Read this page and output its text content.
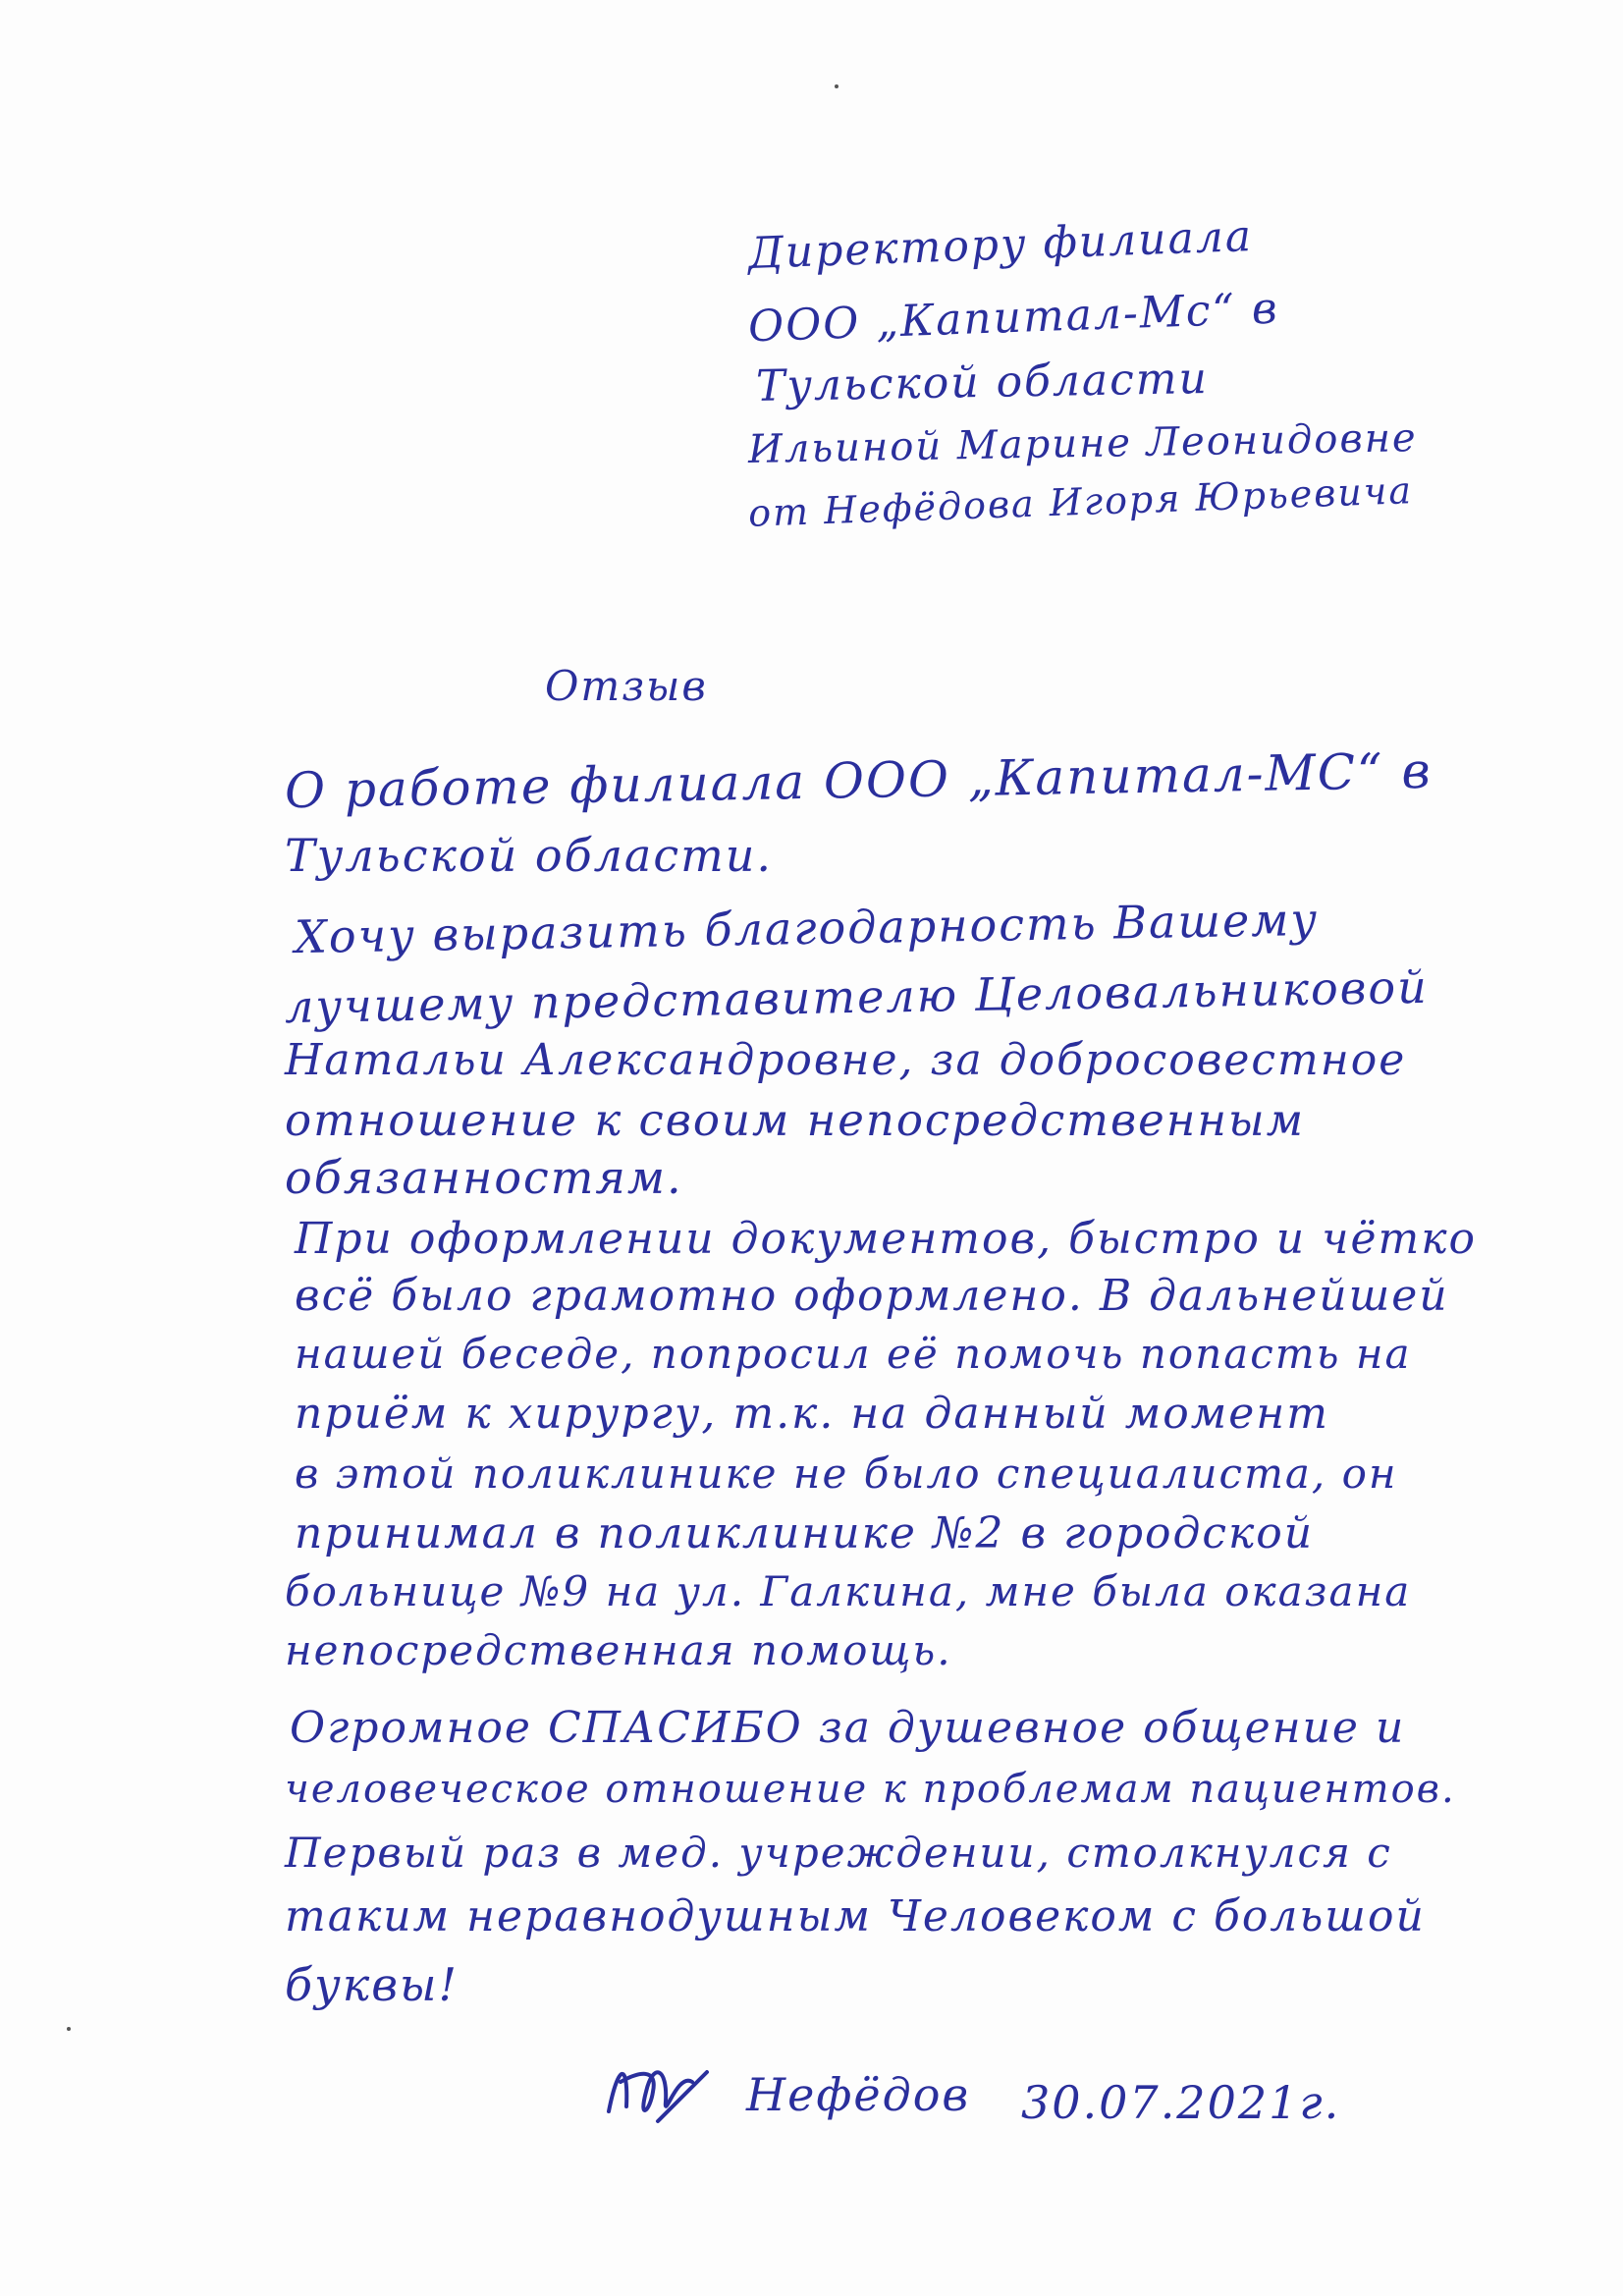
Директору филиала

ООО „Капитал-Мс“ в

Тульской области

Ильиной Марине Леонидовне

от Нефёдова Игоря Юрьевича

Отзыв

О работе филиала ООО „Капитал-МС“ в

Тульской области.

Хочу выразить благодарность Вашему

лучшему представителю Целовальниковой

Натальи Александровне, за добросовестное

отношение к своим непосредственным

обязанностям.

При оформлении документов, быстро и чётко

всё было грамотно оформлено. В дальнейшей

нашей беседе, попросил её помочь попасть на

приём к хирургу, т.к. на данный момент

в этой поликлинике не было специалиста, он

принимал в поликлинике №2 в городской

больнице №9 на ул. Галкина, мне была оказана

непосредственная помощь.

Огромное СПАСИБО за душевное общение и

человеческое отношение к проблемам пациентов.

Первый раз в мед. учреждении, столкнулся с

таким неравнодушным Человеком с большой

буквы!

Нефёдов 30.07.2021г.
